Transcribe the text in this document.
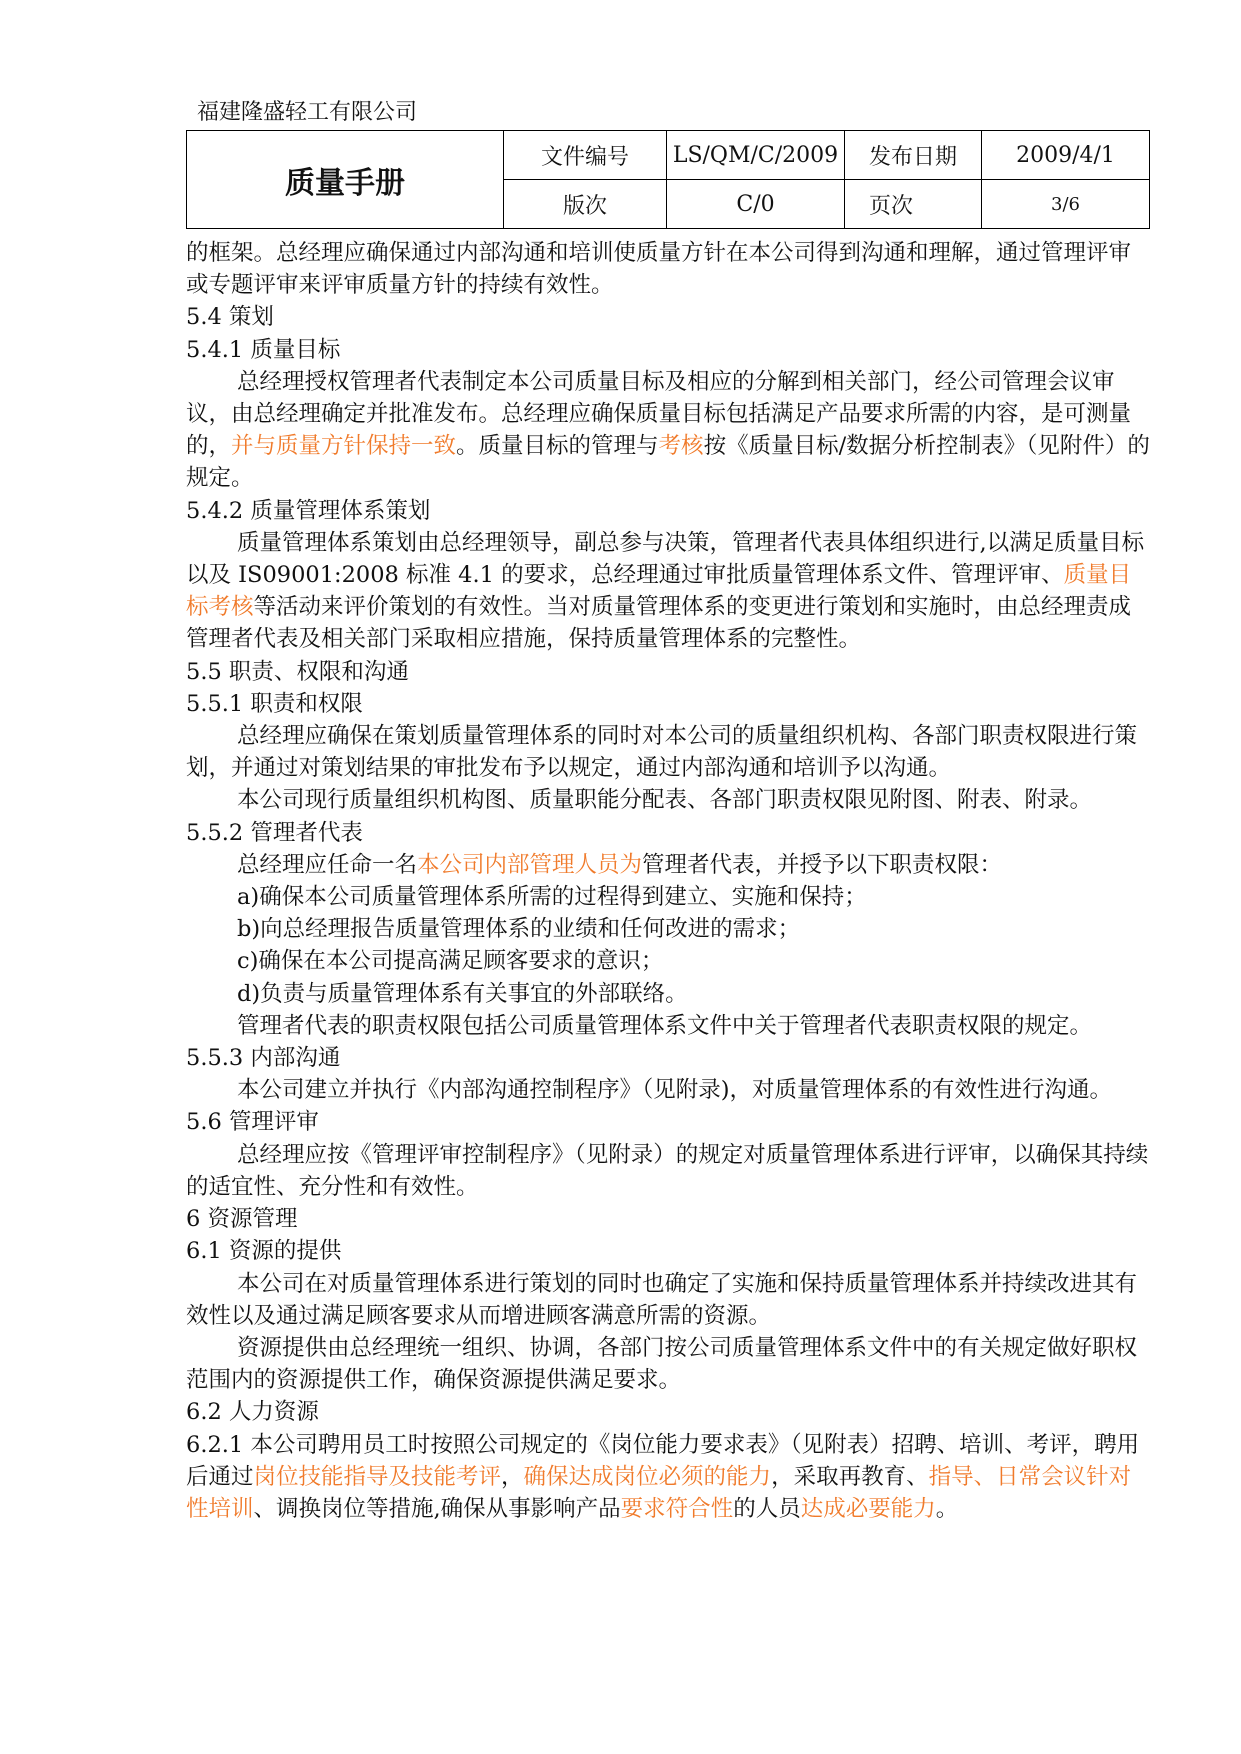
福建隆盛轻工有限公司
质量手册	文件编号	LS/QM/C/2009	发布日期	2009/4/1
	版次	C/0	页次	3/6

的框架。总经理应确保通过内部沟通和培训使质量方针在本公司得到沟通和理解，通过管理评审或专题评审来评审质量方针的持续有效性。

5.4 策划

5.4.1 质量目标

总经理授权管理者代表制定本公司质量目标及相应的分解到相关部门，经公司管理会议审议，由总经理确定并批准发布。总经理应确保质量目标包括满足产品要求所需的内容，是可测量的，并与质量方针保持一致。质量目标的管理与考核按《质量目标/数据分析控制表》（见附件）的规定。

5.4.2 质量管理体系策划

质量管理体系策划由总经理领导，副总参与决策，管理者代表具体组织进行,以满足质量目标以及 IS09001:2008 标准 4.1 的要求，总经理通过审批质量管理体系文件、管理评审、质量目标考核等活动来评价策划的有效性。当对质量管理体系的变更进行策划和实施时，由总经理责成管理者代表及相关部门采取相应措施，保持质量管理体系的完整性。

5.5 职责、权限和沟通

5.5.1 职责和权限

总经理应确保在策划质量管理体系的同时对本公司的质量组织机构、各部门职责权限进行策划，并通过对策划结果的审批发布予以规定，通过内部沟通和培训予以沟通。

本公司现行质量组织机构图、质量职能分配表、各部门职责权限见附图、附表、附录。

5.5.2 管理者代表

总经理应任命一名本公司内部管理人员为管理者代表，并授予以下职责权限：

a)确保本公司质量管理体系所需的过程得到建立、实施和保持；

b)向总经理报告质量管理体系的业绩和任何改进的需求；

c)确保在本公司提高满足顾客要求的意识；

d)负责与质量管理体系有关事宜的外部联络。

管理者代表的职责权限包括公司质量管理体系文件中关于管理者代表职责权限的规定。

5.5.3 内部沟通

本公司建立并执行《内部沟通控制程序》（见附录)，对质量管理体系的有效性进行沟通。

5.6 管理评审

总经理应按《管理评审控制程序》（见附录）的规定对质量管理体系进行评审，以确保其持续的适宜性、充分性和有效性。

6 资源管理

6.1 资源的提供

本公司在对质量管理体系进行策划的同时也确定了实施和保持质量管理体系并持续改进其有效性以及通过满足顾客要求从而增进顾客满意所需的资源。

资源提供由总经理统一组织、协调，各部门按公司质量管理体系文件中的有关规定做好职权范围内的资源提供工作，确保资源提供满足要求。

6.2 人力资源

6.2.1 本公司聘用员工时按照公司规定的《岗位能力要求表》（见附表）招聘、培训、考评，聘用后通过岗位技能指导及技能考评，确保达成岗位必须的能力，采取再教育、指导、日常会议针对性培训、调换岗位等措施,确保从事影响产品要求符合性的人员达成必要能力。
